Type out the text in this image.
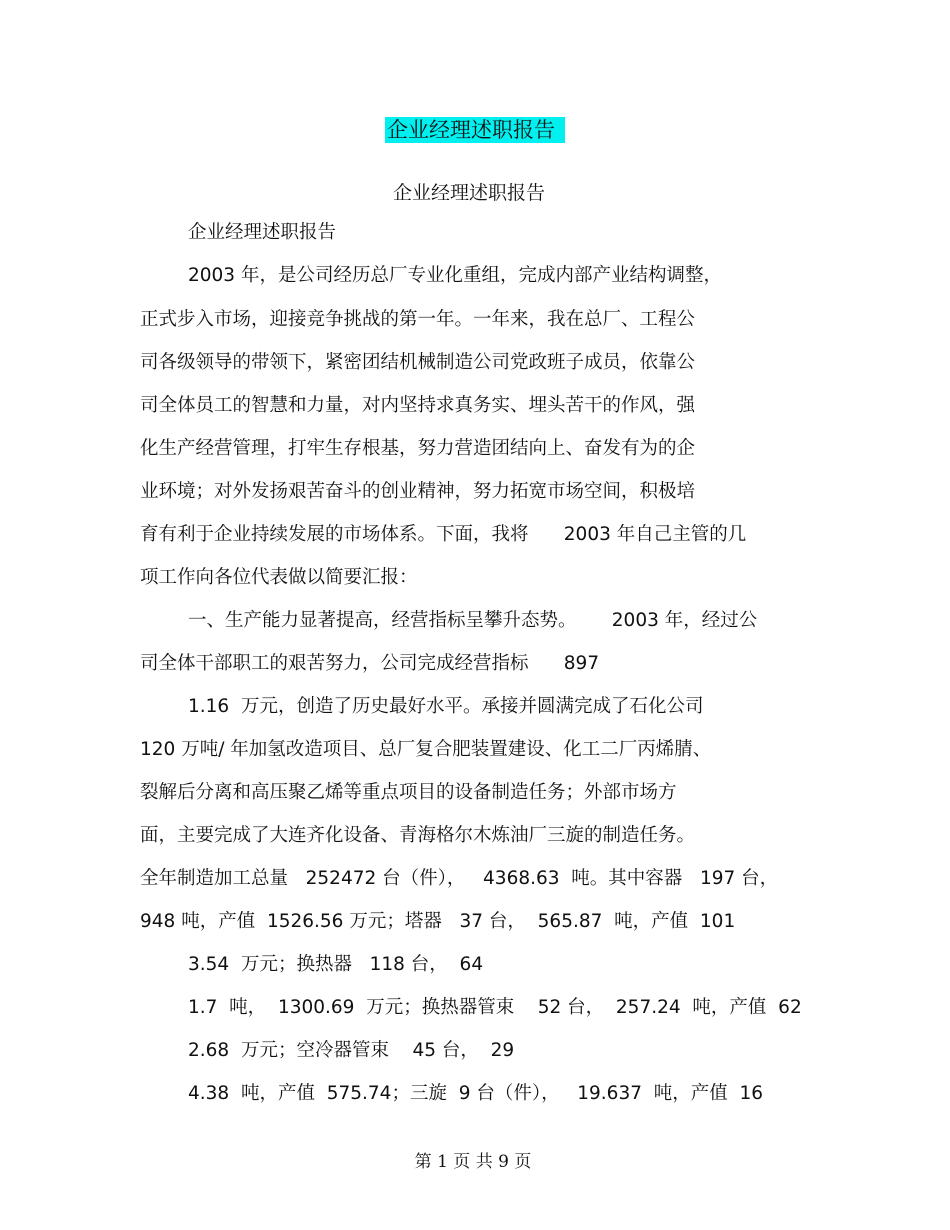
企业经理述职报告
企业经理述职报告

企业经理述职报告

2003 年，是公司经历总厂专业化重组，完成内部产业结构调整，

正式步入市场，迎接竞争挑战的第一年。一年来，我在总厂、工程公

司各级领导的带领下，紧密团结机械制造公司党政班子成员，依靠公

司全体员工的智慧和力量，对内坚持求真务实、埋头苦干的作风，强

化生产经营管理，打牢生存根基，努力营造团结向上、奋发有为的企

业环境；对外发扬艰苦奋斗的创业精神，努力拓宽市场空间，积极培

育有利于企业持续发展的市场体系。下面，我将      2003 年自己主管的几

项工作向各位代表做以简要汇报：

一、生产能力显著提高，经营指标呈攀升态势。      2003 年，经过公

司全体干部职工的艰苦努力，公司完成经营指标      897

1.16  万元，创造了历史最好水平。承接并圆满完成了石化公司

120 万吨/ 年加氢改造项目、总厂复合肥装置建设、化工二厂丙烯腈、

裂解后分离和高压聚乙烯等重点项目的设备制造任务；外部市场方

面，主要完成了大连齐化设备、青海格尔木炼油厂三旋的制造任务。

全年制造加工总量   252472 台（件），   4368.63  吨。其中容器   197 台，

948 吨，产值  1526.56 万元；塔器   37 台，  565.87  吨，产值  101

3.54  万元；换热器   118 台，  64

1.7  吨，  1300.69  万元；换热器管束    52 台，  257.24  吨，产值  62

2.68  万元；空冷器管束    45 台，  29

4.38  吨，产值  575.74；三旋  9 台（件），   19.637  吨，产值  16

第 1 页 共 9 页
